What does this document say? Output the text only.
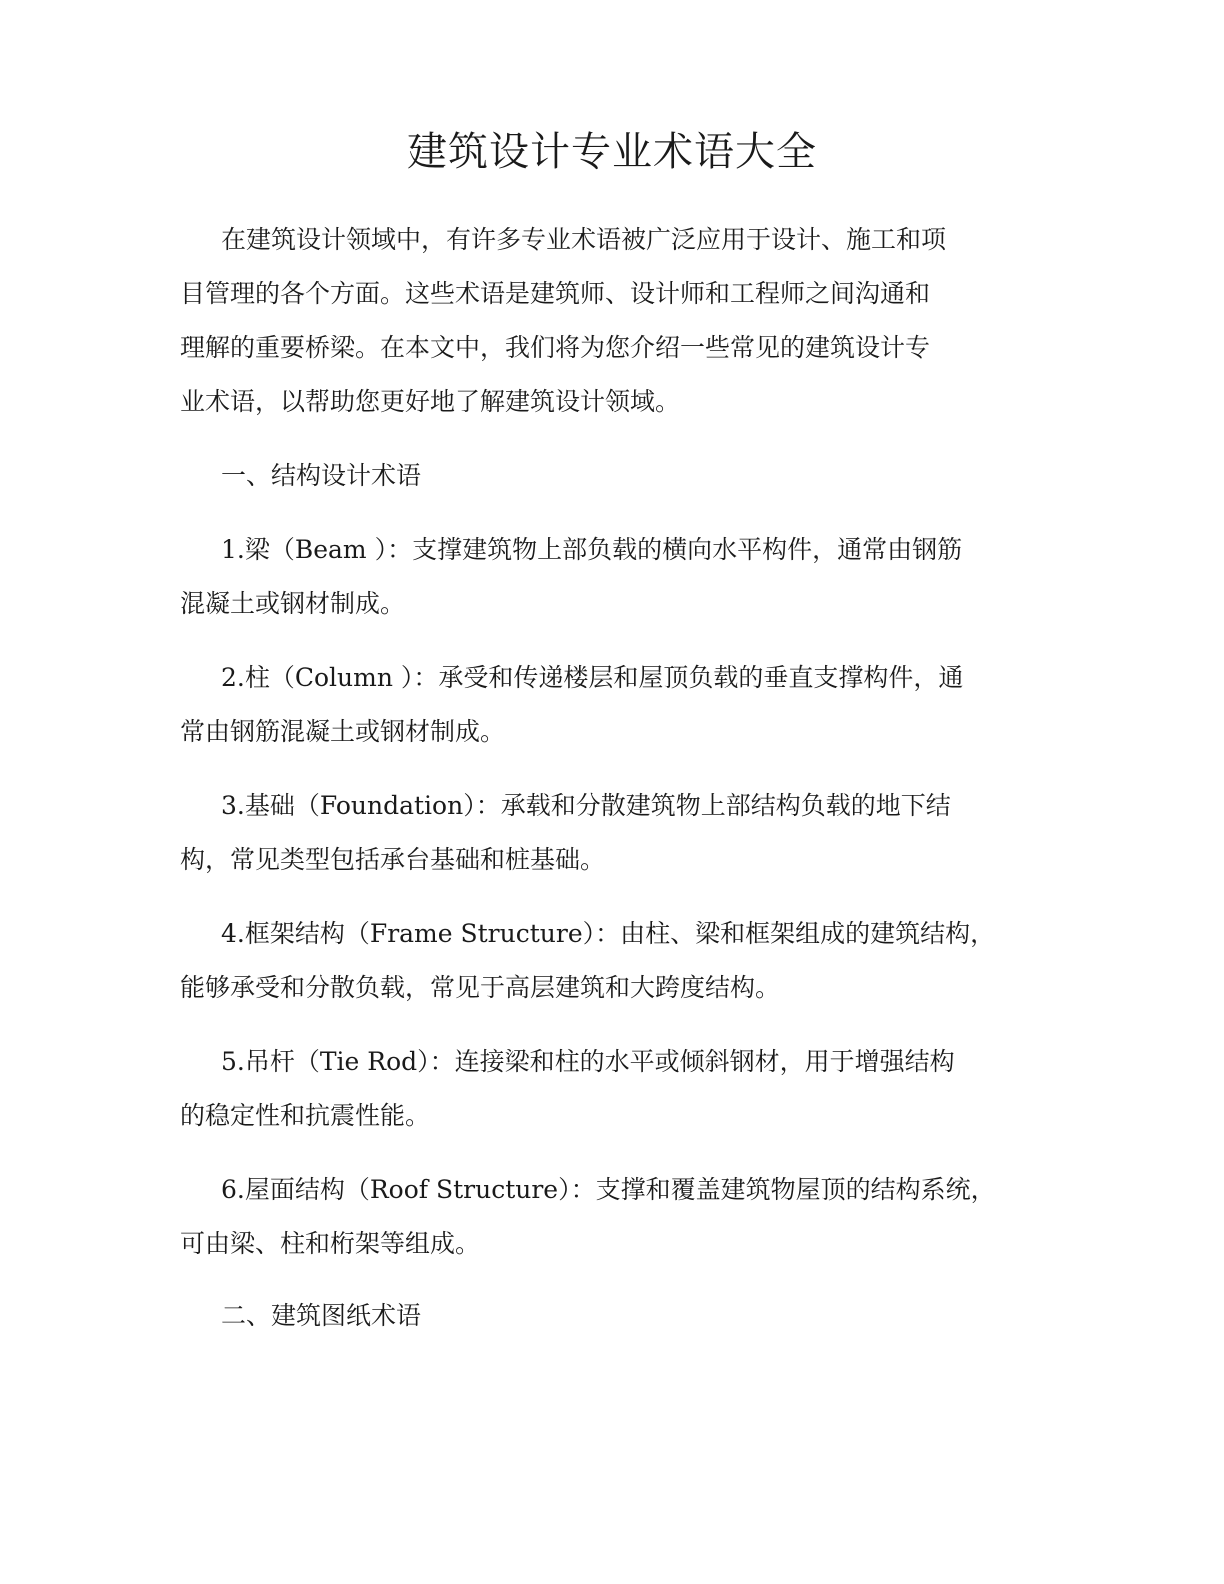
建筑设计专业术语大全
在建筑设计领域中，有许多专业术语被广泛应用于设计、施工和项
目管理的各个方面。这些术语是建筑师、设计师和工程师之间沟通和
理解的重要桥梁。在本文中，我们将为您介绍一些常见的建筑设计专
业术语，以帮助您更好地了解建筑设计领域。
一、结构设计术语
1.梁（Beam ）：支撑建筑物上部负载的横向水平构件，通常由钢筋
混凝土或钢材制成。
2.柱（Column ）：承受和传递楼层和屋顶负载的垂直支撑构件，通
常由钢筋混凝土或钢材制成。
3.基础（Foundation）：承载和分散建筑物上部结构负载的地下结
构，常见类型包括承台基础和桩基础。
4.框架结构（Frame Structure）：由柱、梁和框架组成的建筑结构，
能够承受和分散负载，常见于高层建筑和大跨度结构。
5.吊杆（Tie Rod）：连接梁和柱的水平或倾斜钢材，用于增强结构
的稳定性和抗震性能。
6.屋面结构（Roof Structure）：支撑和覆盖建筑物屋顶的结构系统，
可由梁、柱和桁架等组成。
二、建筑图纸术语
